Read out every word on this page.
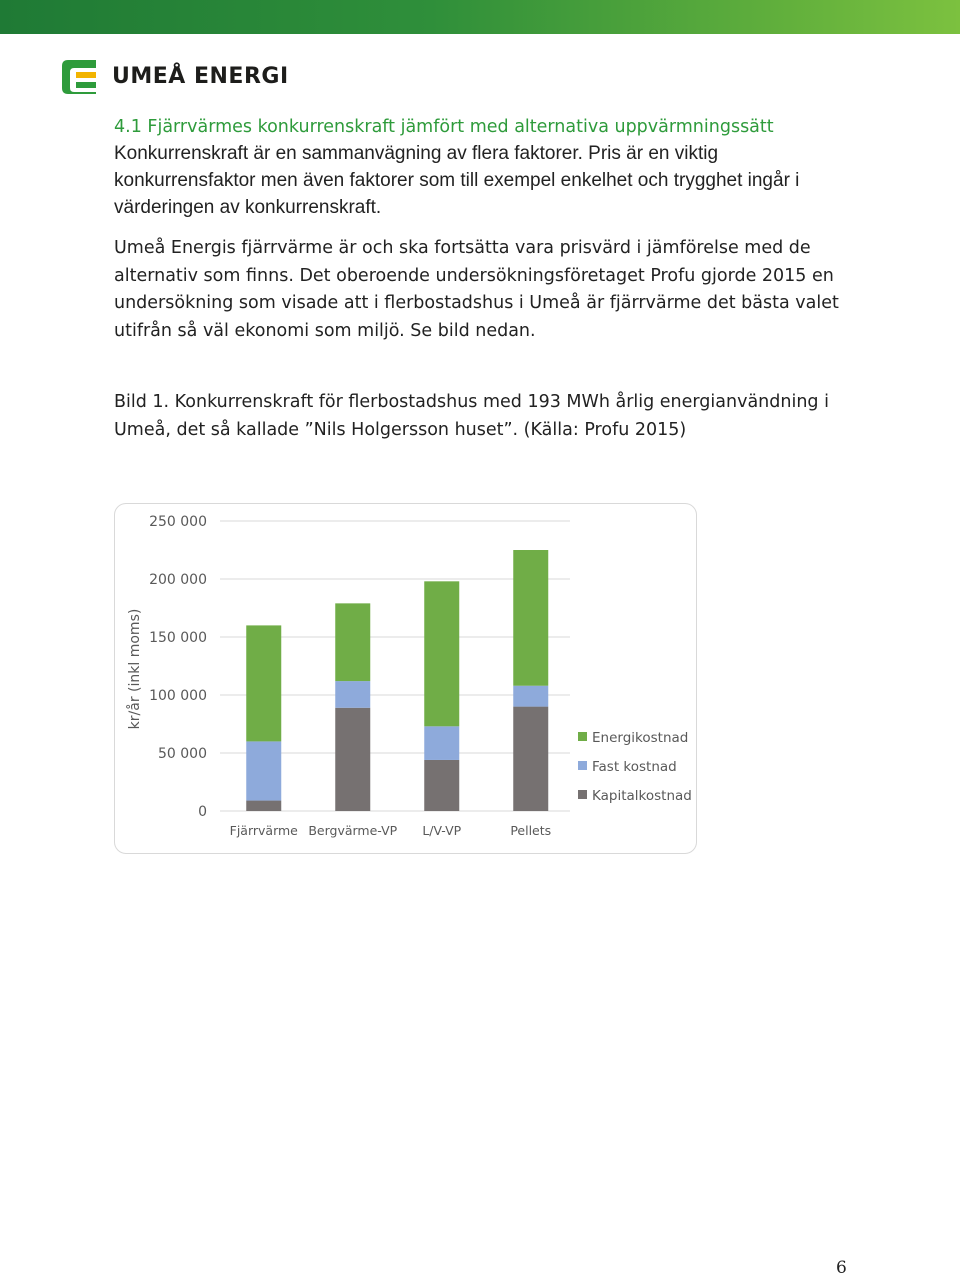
UMEÅ ENERGI

4.1 Fjärrvärmes konkurrenskraft jämfört med alternativa uppvärmningssätt

Konkurrenskraft är en sammanvägning av flera faktorer. Pris är en viktig konkurrensfaktor men även faktorer som till exempel enkelhet och trygghet ingår i värderingen av konkurrenskraft.

Umeå Energis fjärrvärme är och ska fortsätta vara prisvärd i jämförelse med de alternativ som finns. Det oberoende undersökningsföretaget Profu gjorde 2015 en undersökning som visade att i flerbostadshus i Umeå är fjärrvärme det bästa valet utifrån så väl ekonomi som miljö. Se bild nedan.

Bild 1. Konkurrenskraft för flerbostadshus med 193 MWh årlig energianvändning i Umeå, det så kallade ”Nils Holgersson huset”. (Källa: Profu 2015)

0
50 000
100 000
150 000
200 000
250 000
Fjärrvärme Bergvärme-VP L/V-VP	Pellets
Energikostnad
Fast kostnad
Kapitalkostnad
kr/år (inkl moms)
6
